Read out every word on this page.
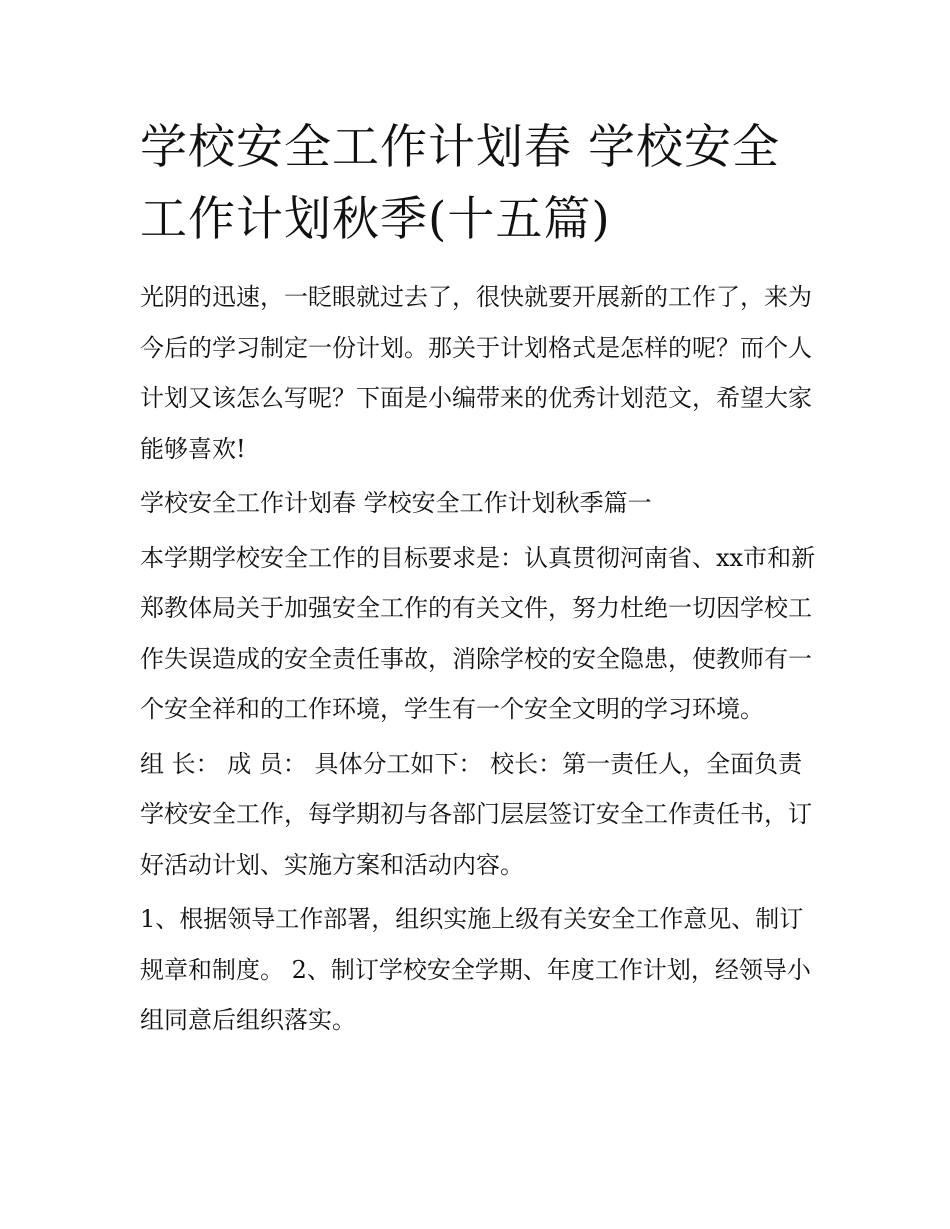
学校安全工作计划春 学校安全工作计划秋季(十五篇)

光阴的迅速，一眨眼就过去了，很快就要开展新的工作了，来为今后的学习制定一份计划。那关于计划格式是怎样的呢？而个人计划又该怎么写呢？下面是小编带来的优秀计划范文，希望大家能够喜欢!

学校安全工作计划春 学校安全工作计划秋季篇一

本学期学校安全工作的目标要求是：认真贯彻河南省、xx市和新郑教体局关于加强安全工作的有关文件，努力杜绝一切因学校工作失误造成的安全责任事故，消除学校的安全隐患，使教师有一个安全祥和的工作环境，学生有一个安全文明的学习环境。

组 长： 成 员： 具体分工如下： 校长：第一责任人，全面负责学校安全工作，每学期初与各部门层层签订安全工作责任书，订好活动计划、实施方案和活动内容。

1、根据领导工作部署，组织实施上级有关安全工作意见、制订规章和制度。 2、制订学校安全学期、年度工作计划，经领导小组同意后组织落实。
